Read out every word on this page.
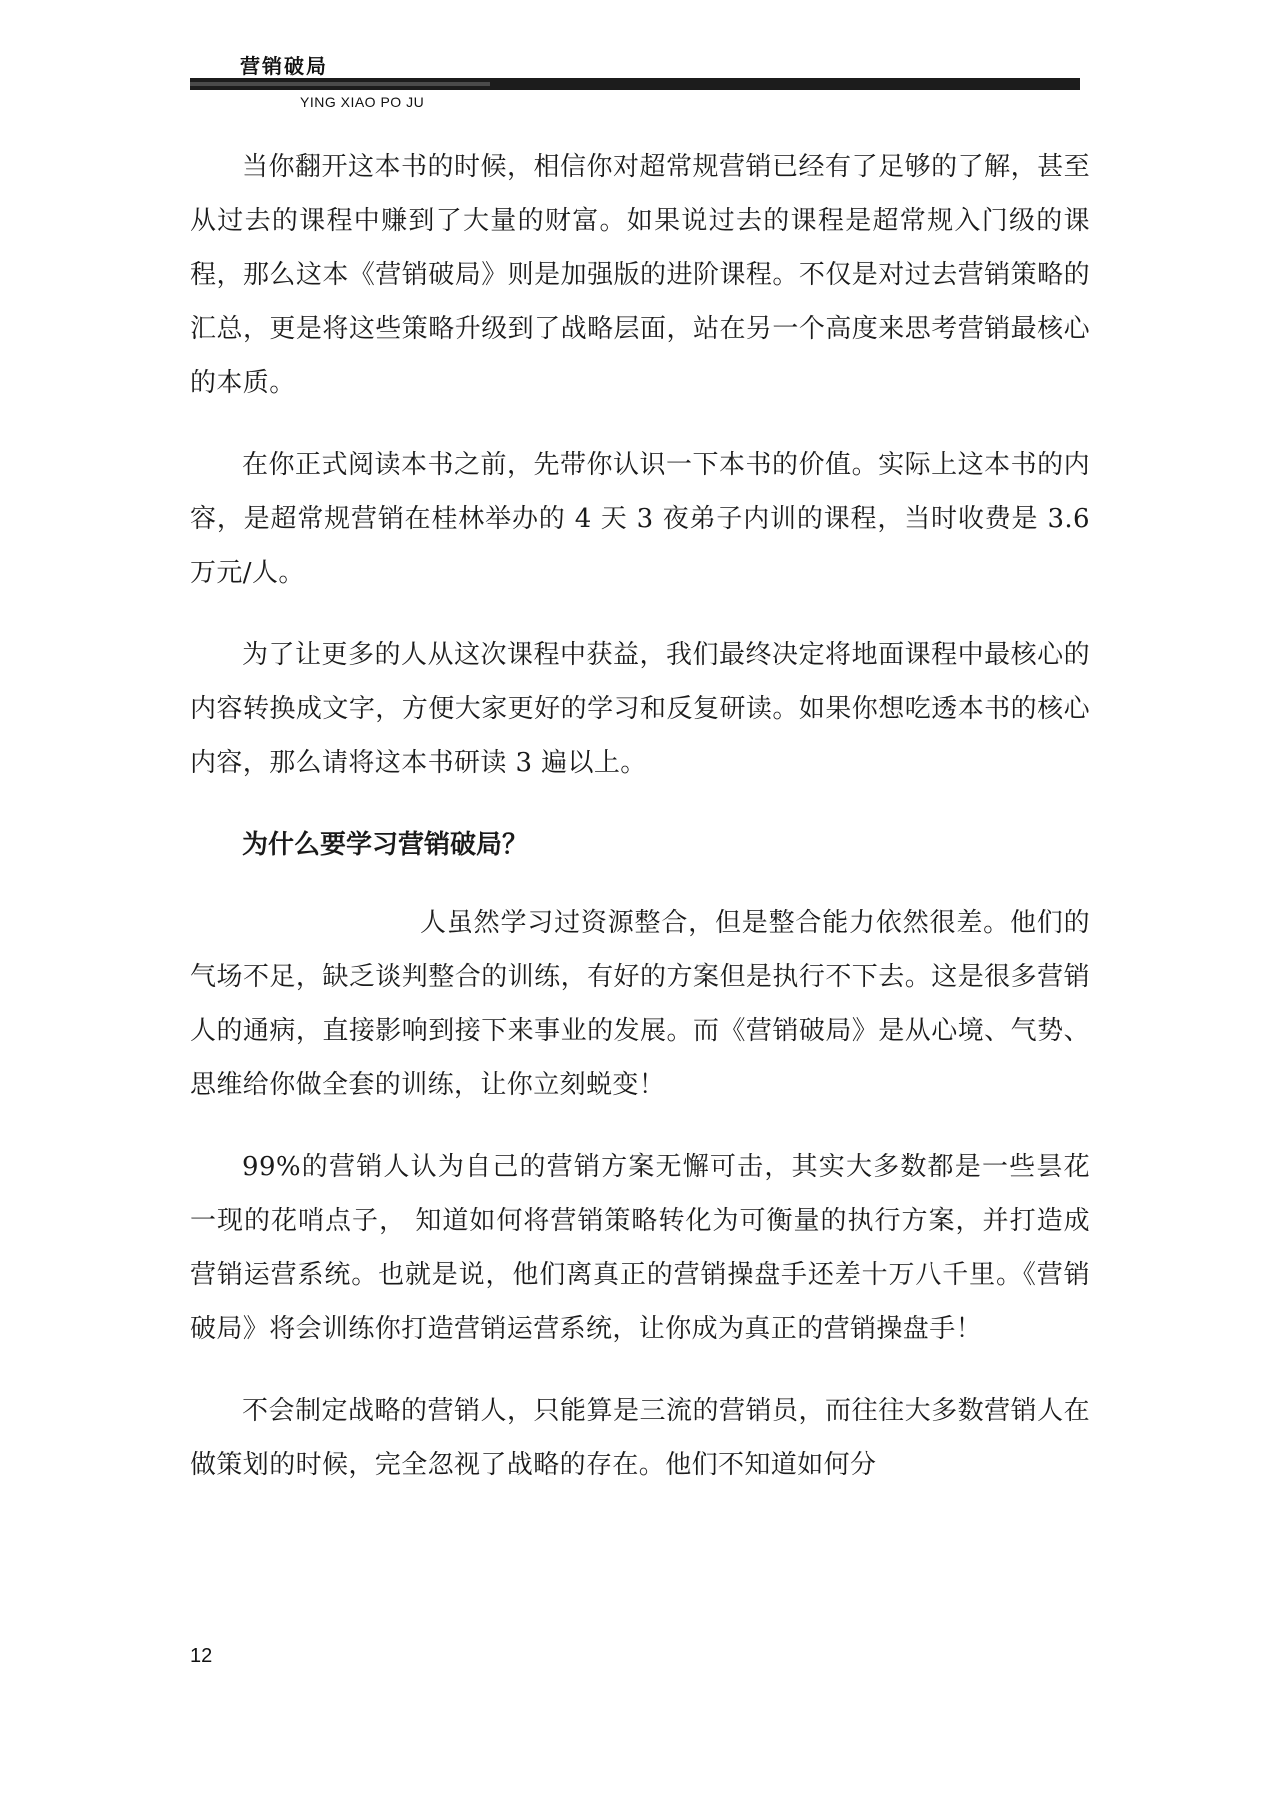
营销破局
YING XIAO PO JU

当你翻开这本书的时候，相信你对超常规营销已经有了足够的了解，甚至从过去的课程中赚到了大量的财富。如果说过去的课程是超常规入门级的课程，那么这本《营销破局》则是加强版的进阶课程。不仅是对过去营销策略的汇总，更是将这些策略升级到了战略层面，站在另一个高度来思考营销最核心的本质。

在你正式阅读本书之前，先带你认识一下本书的价值。实际上这本书的内容，是超常规营销在桂林举办的 4 天 3 夜弟子内训的课程，当时收费是 3.6 万元/人。

为了让更多的人从这次课程中获益，我们最终决定将地面课程中最核心的内容转换成文字，方便大家更好的学习和反复研读。如果你想吃透本书的核心内容，那么请将这本书研读 3 遍以上。

为什么要学习营销破局？

人虽然学习过资源整合，但是整合能力依然很差。他们的气场不足，缺乏谈判整合的训练，有好的方案但是执行不下去。这是很多营销人的通病，直接影响到接下来事业的发展。而《营销破局》是从心境、气势、思维给你做全套的训练，让你立刻蜕变！

99%的营销人认为自己的营销方案无懈可击，其实大多数都是一些昙花一现的花哨点子， 知道如何将营销策略转化为可衡量的执行方案，并打造成营销运营系统。也就是说，他们离真正的营销操盘手还差十万八千里。《营销破局》将会训练你打造营销运营系统，让你成为真正的营销操盘手！

不会制定战略的营销人，只能算是三流的营销员，而往往大多数营销人在做策划的时候，完全忽视了战略的存在。他们不知道如何分

12
